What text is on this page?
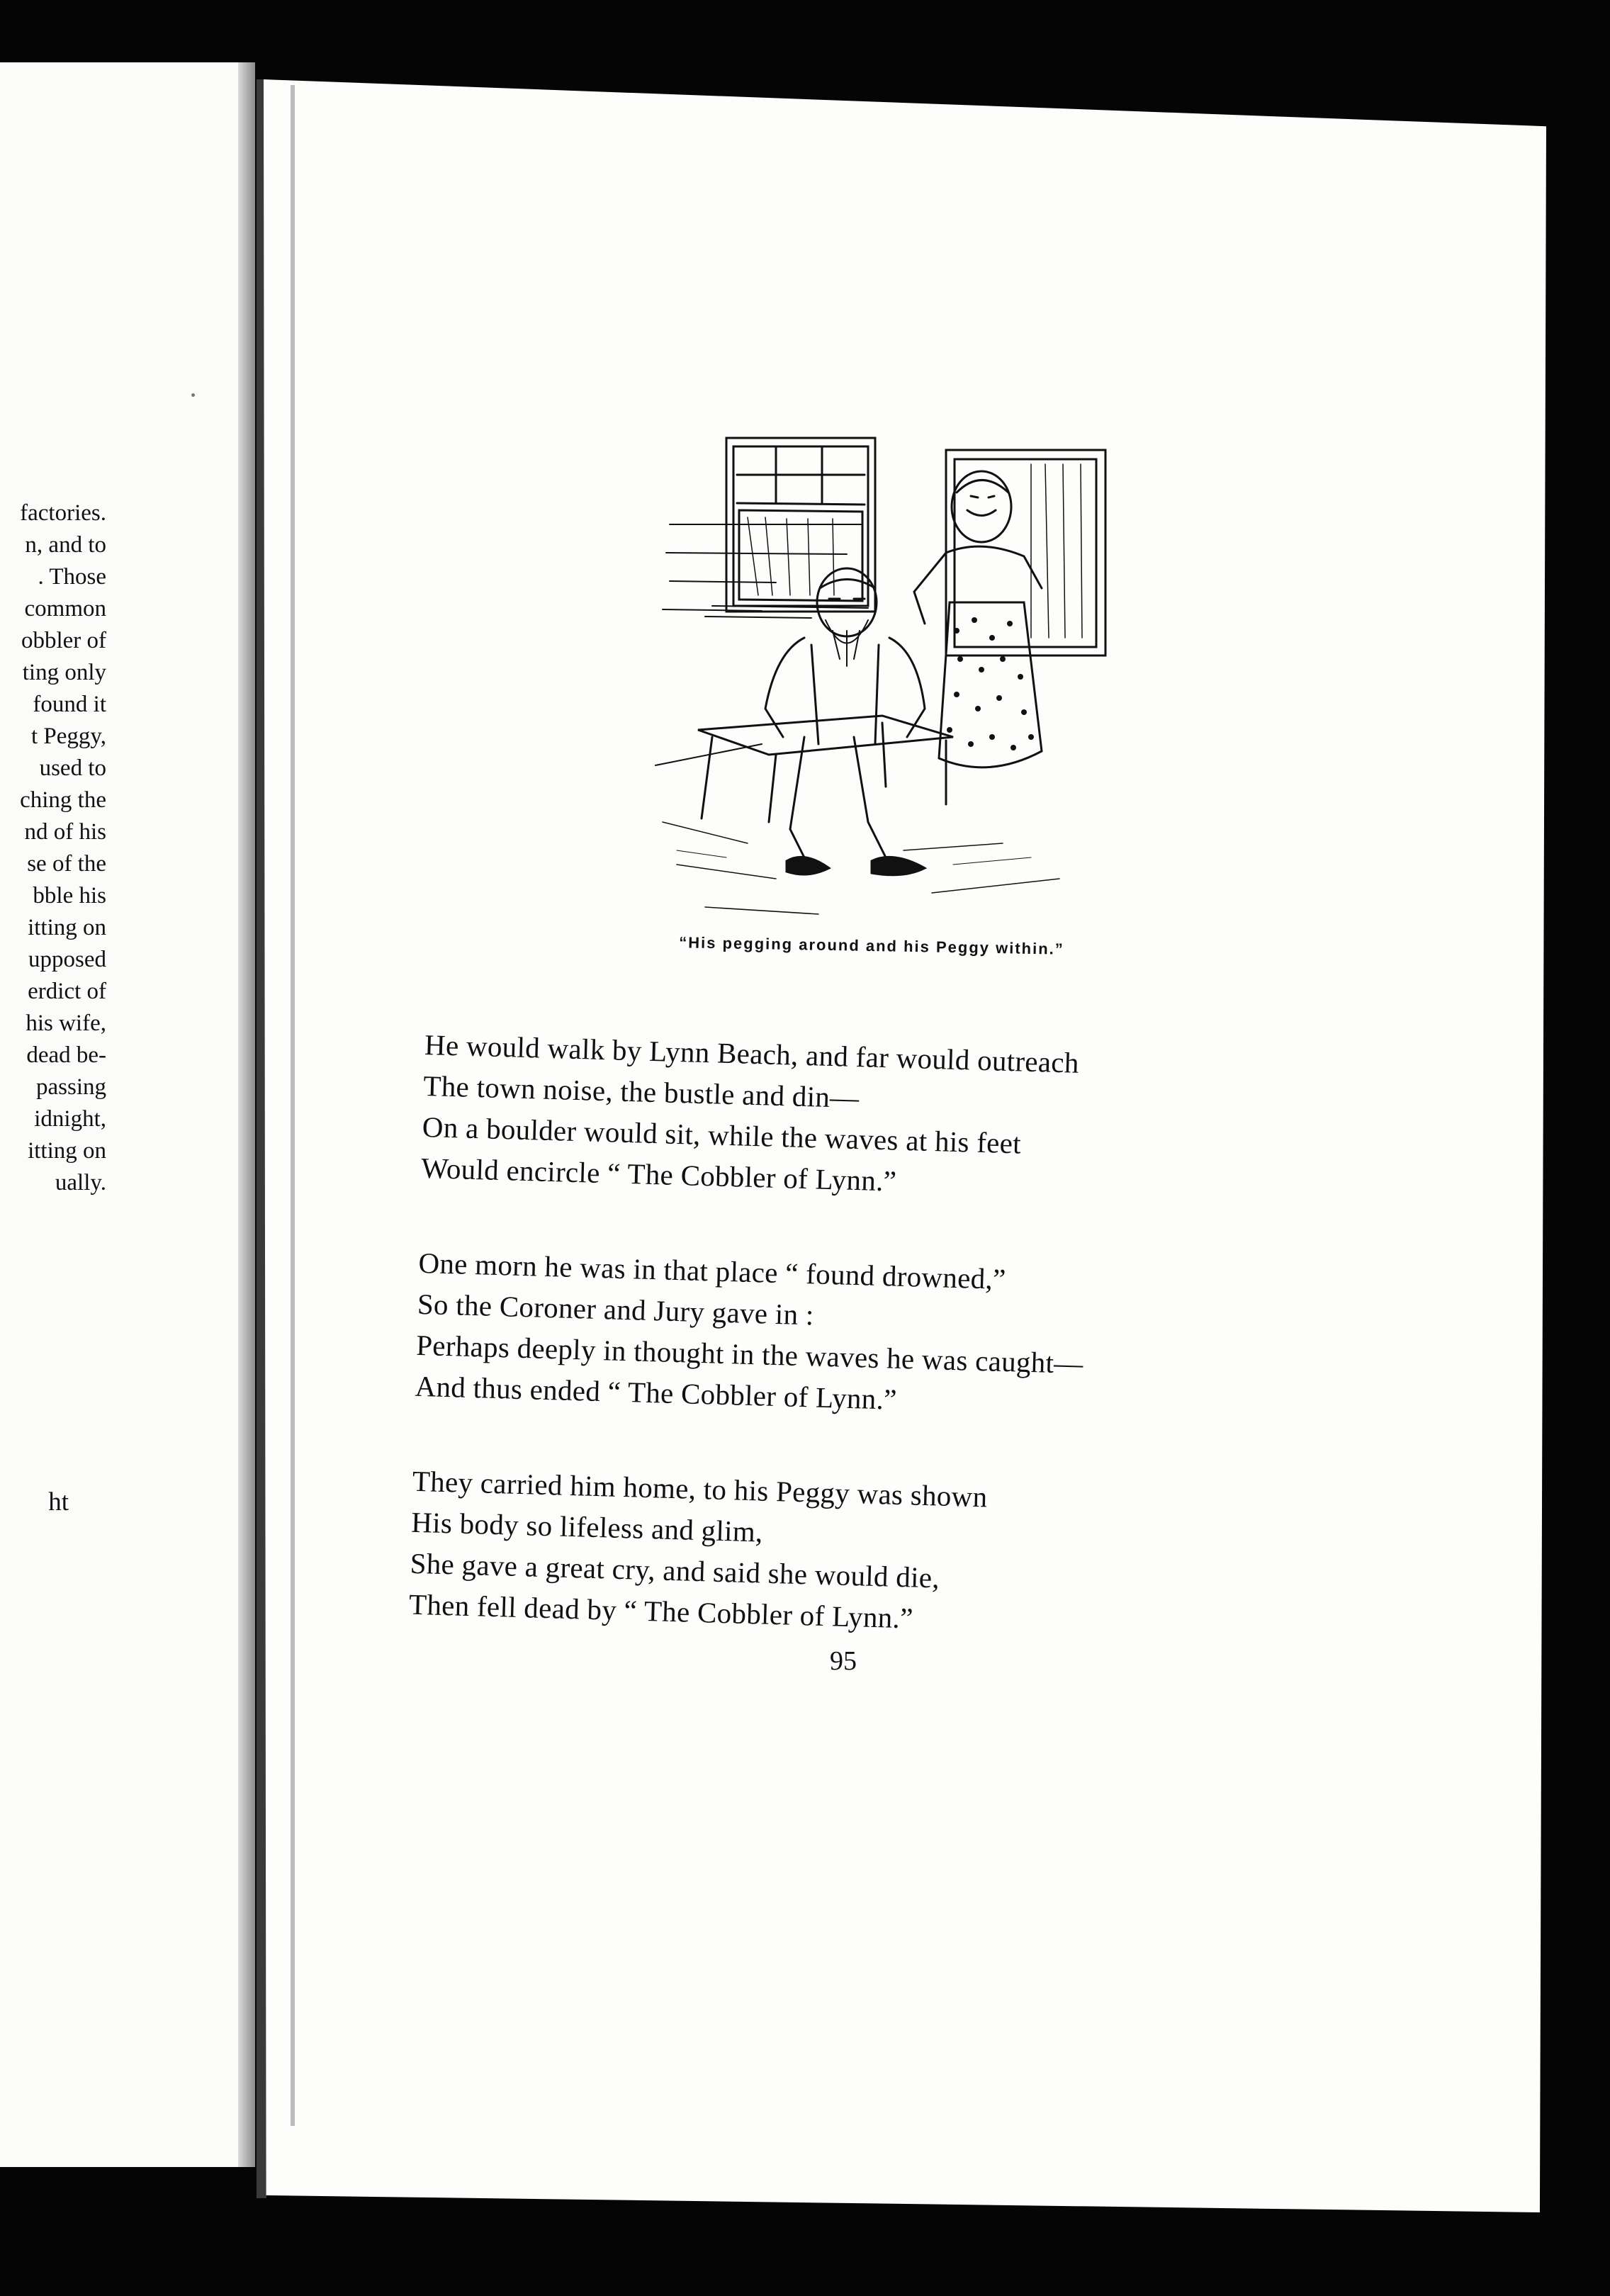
factories.
n, and to
. Those
common
obbler of
ting only
found it
t Peggy,
used to
ching the
nd of his
se of the
bble his
itting on
upposed
erdict of
his wife,
dead be-
passing
idnight,
itting on
ually.
ht
“His pegging around and his Peggy within.”
He would walk by Lynn Beach, and far would outreach
The town noise, the bustle and din—
On a boulder would sit, while the waves at his feet
Would encircle “ The Cobbler of Lynn.”
One morn he was in that place “ found drowned,”
So the Coroner and Jury gave in :
Perhaps deeply in thought in the waves he was caught—
And thus ended “ The Cobbler of Lynn.”
They carried him home, to his Peggy was shown
His body so lifeless and glim,
She gave a great cry, and said she would die,
Then fell dead by “ The Cobbler of Lynn.”
95
